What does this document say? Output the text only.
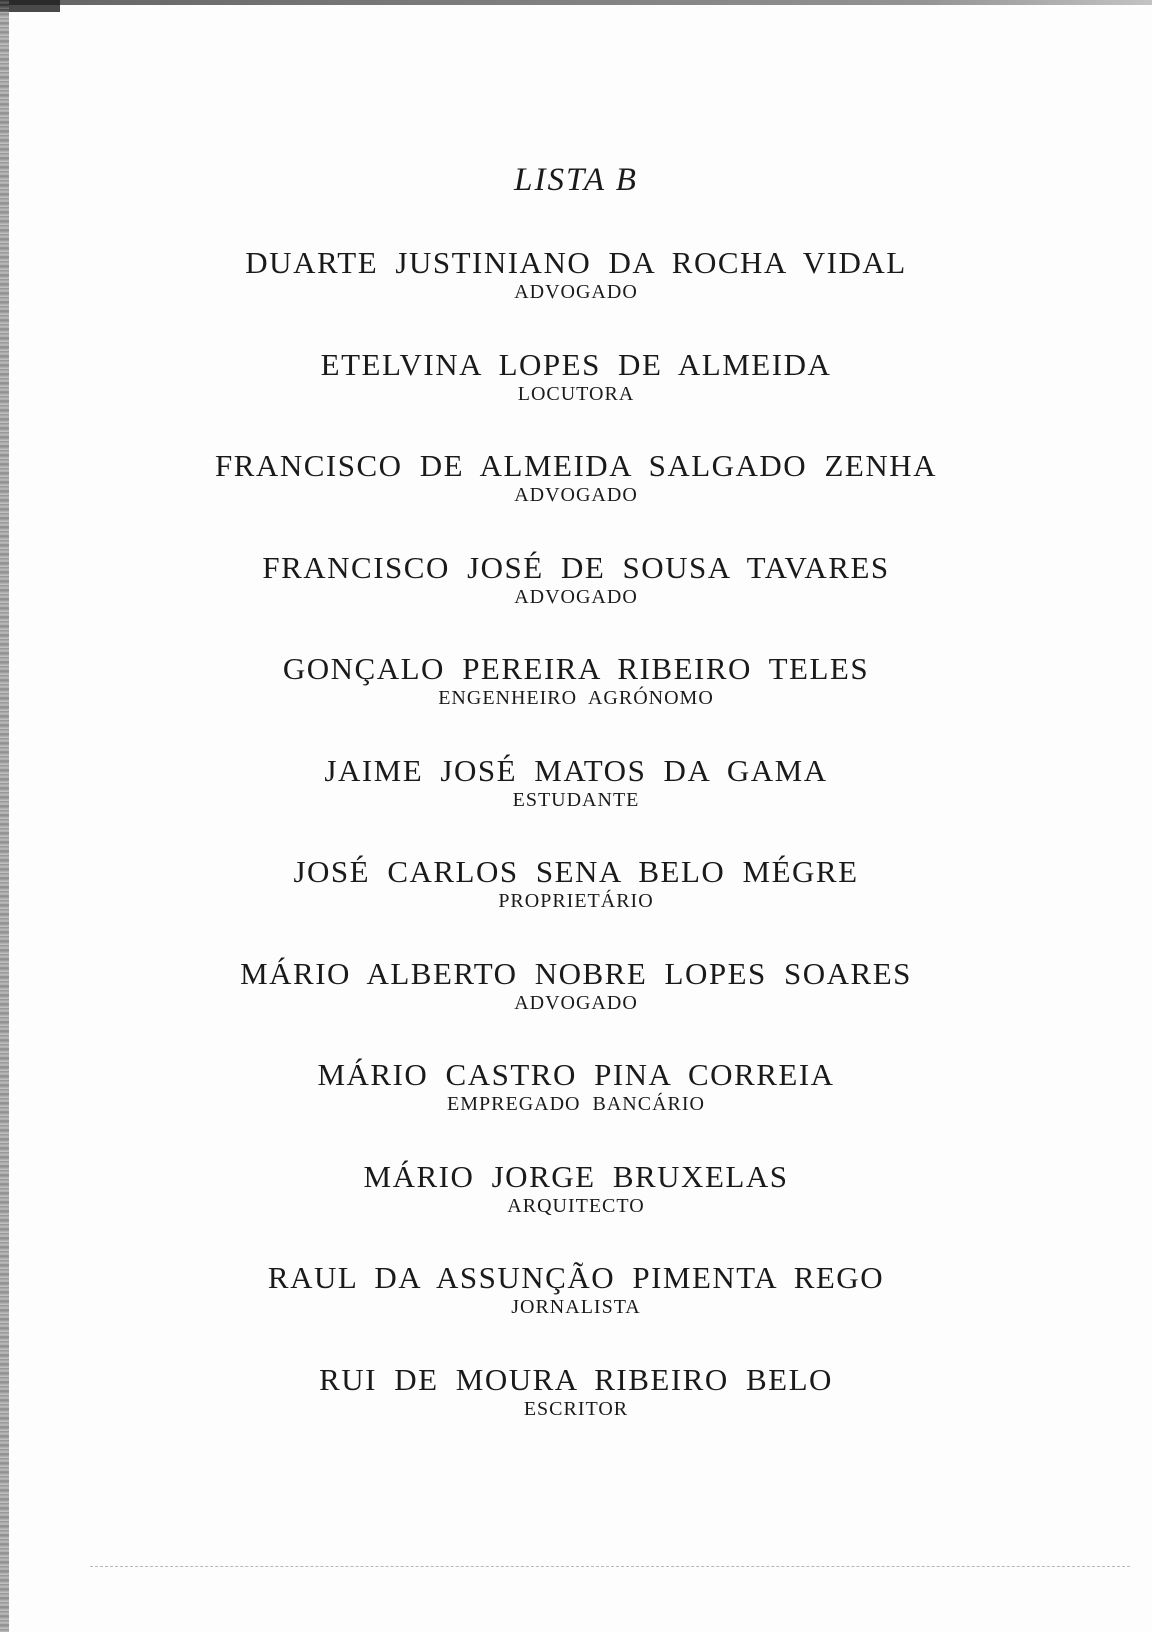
LISTA B
DUARTE JUSTINIANO DA ROCHA VIDAL
ADVOGADO
ETELVINA LOPES DE ALMEIDA
LOCUTORA
FRANCISCO DE ALMEIDA SALGADO ZENHA
ADVOGADO
FRANCISCO JOSÉ DE SOUSA TAVARES
ADVOGADO
GONÇALO PEREIRA RIBEIRO TELES
ENGENHEIRO AGRÓNOMO
JAIME JOSÉ MATOS DA GAMA
ESTUDANTE
JOSÉ CARLOS SENA BELO MÉGRE
PROPRIETÁRIO
MÁRIO ALBERTO NOBRE LOPES SOARES
ADVOGADO
MÁRIO CASTRO PINA CORREIA
EMPREGADO BANCÁRIO
MÁRIO JORGE BRUXELAS
ARQUITECTO
RAUL DA ASSUNÇÃO PIMENTA REGO
JORNALISTA
RUI DE MOURA RIBEIRO BELO
ESCRITOR
